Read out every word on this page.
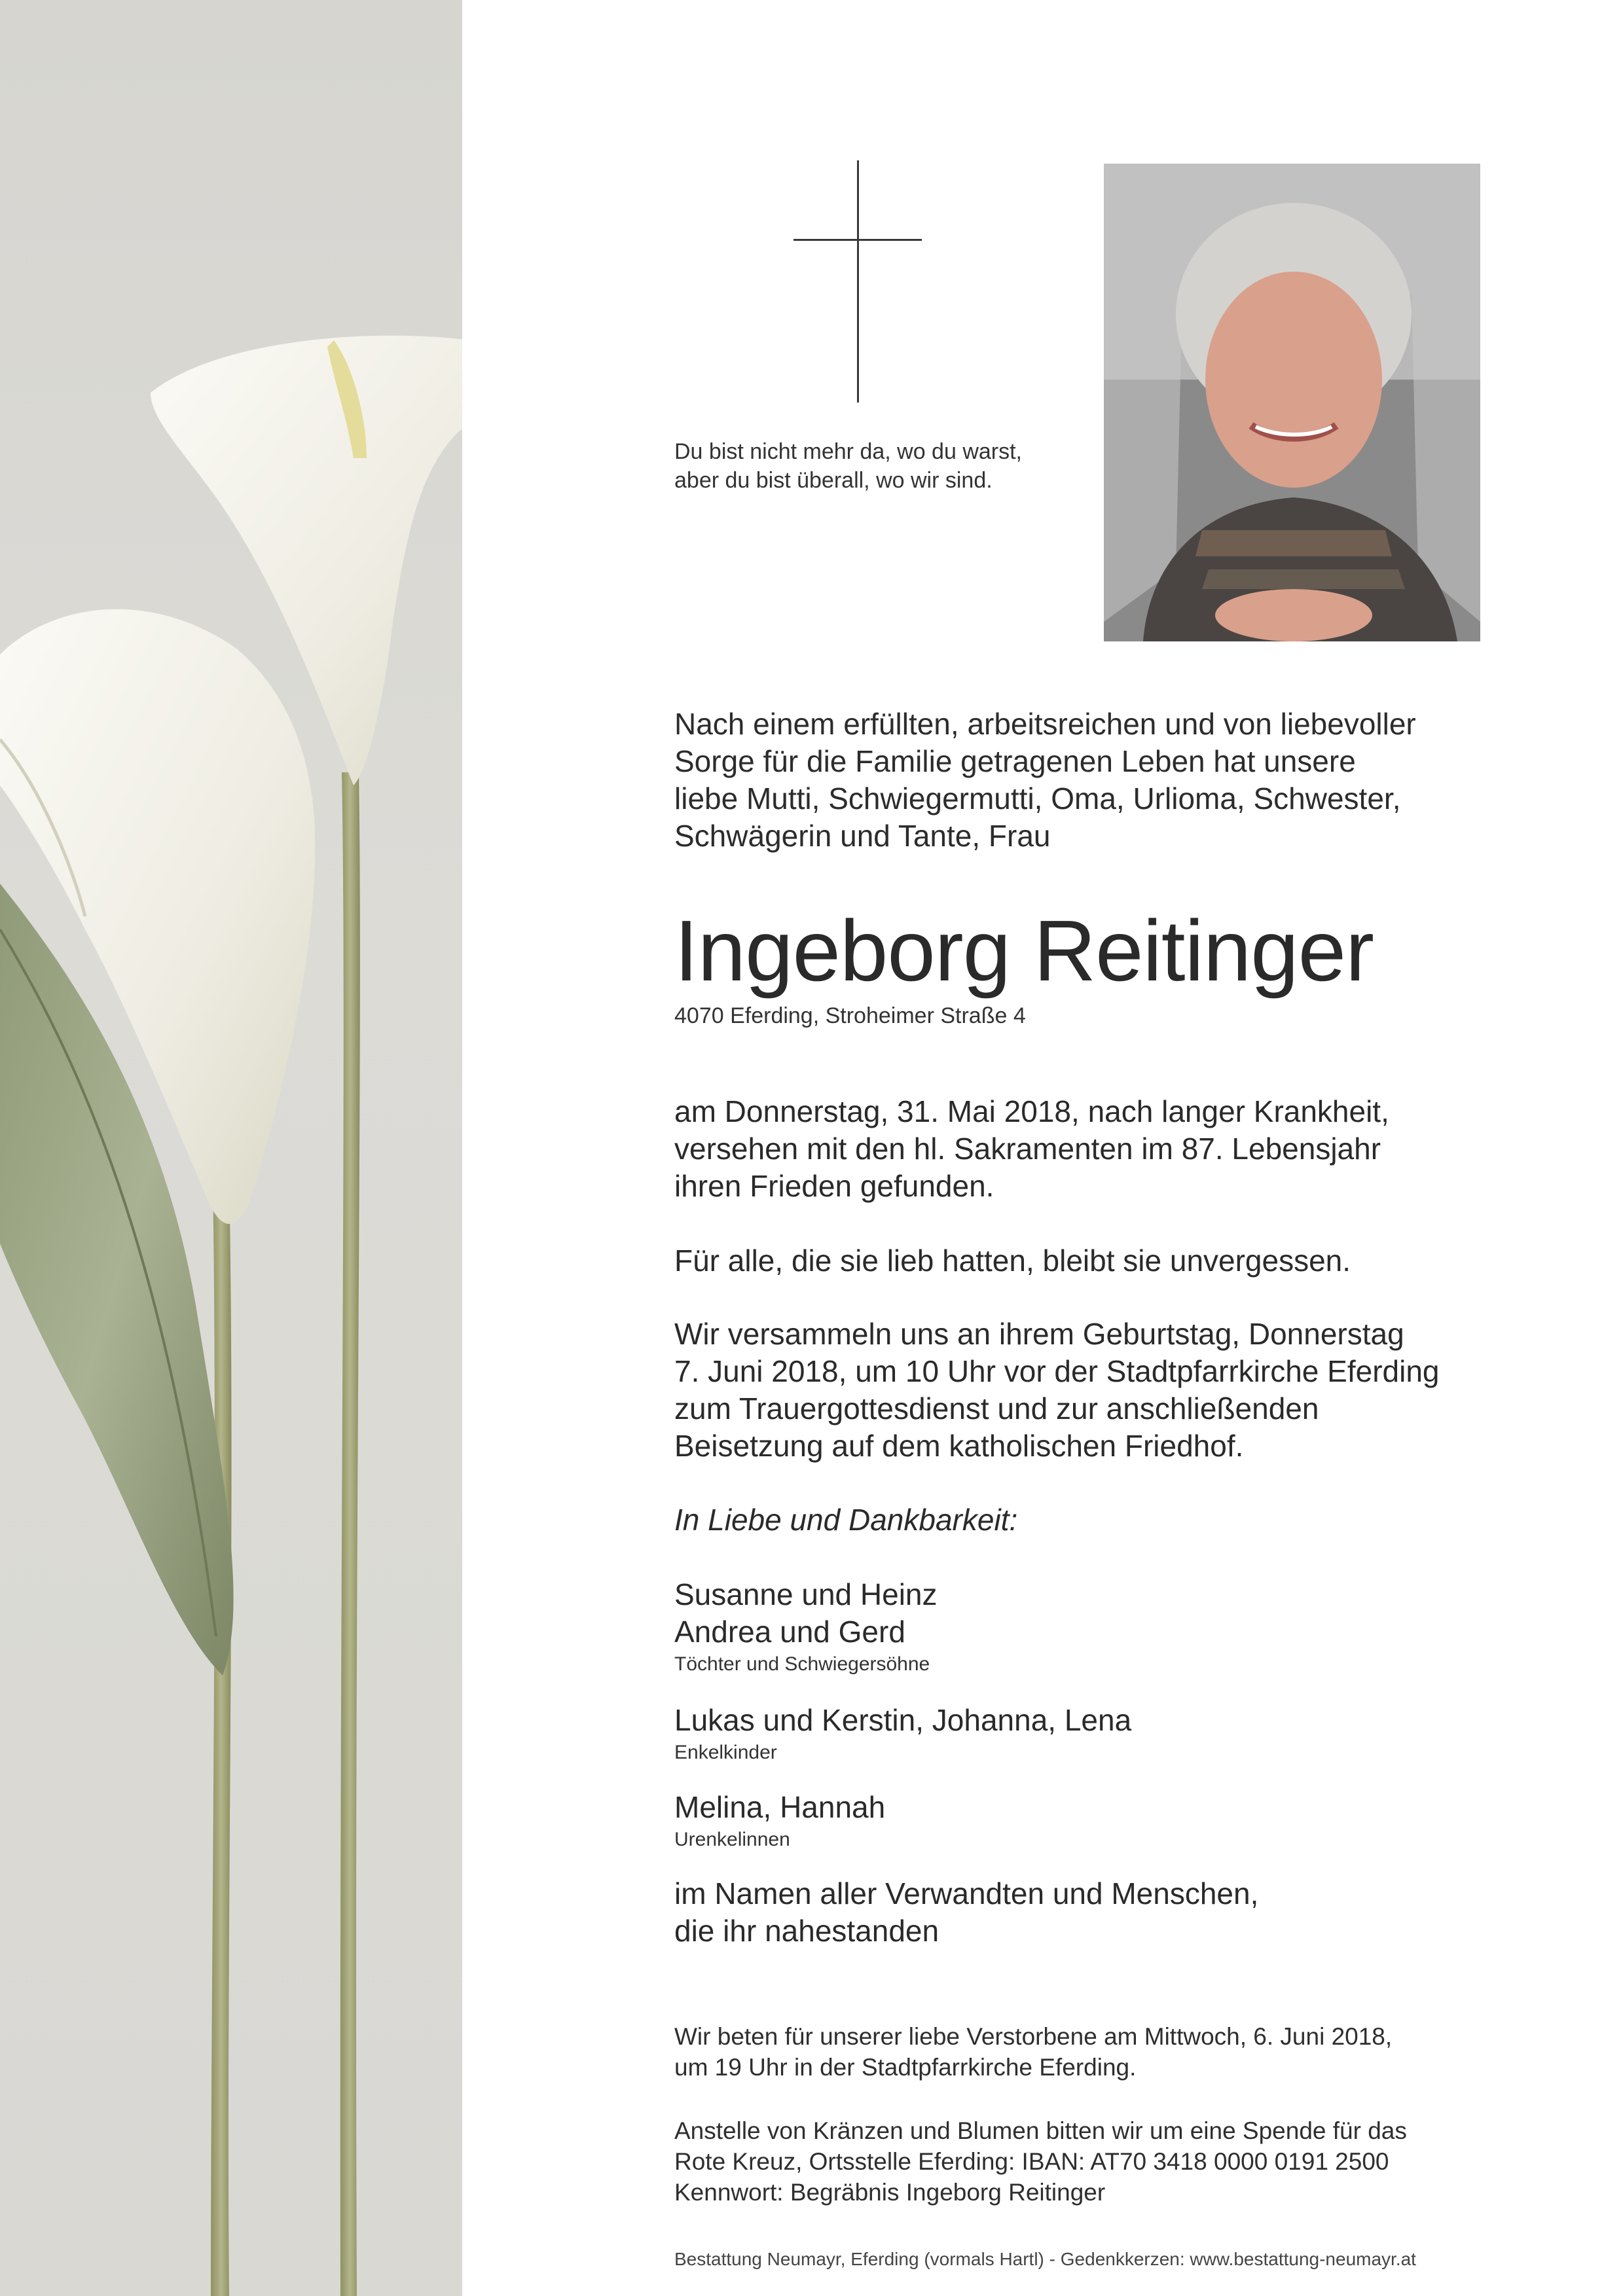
Du bist nicht mehr da, wo du warst,
aber du bist überall, wo wir sind.
Nach einem erfüllten, arbeitsreichen und von liebevoller
Sorge für die Familie getragenen Leben hat unsere
liebe Mutti, Schwiegermutti, Oma, Urlioma, Schwester,
Schwägerin und Tante, Frau
Ingeborg Reitinger
4070 Eferding, Stroheimer Straße 4
am Donnerstag, 31. Mai 2018, nach langer Krankheit,
versehen mit den hl. Sakramenten im 87. Lebensjahr
ihren Frieden gefunden.
Für alle, die sie lieb hatten, bleibt sie unvergessen.
Wir versammeln uns an ihrem Geburtstag, Donnerstag
7. Juni 2018, um 10 Uhr vor der Stadtpfarrkirche Eferding
zum Trauergottesdienst und zur anschließenden
Beisetzung auf dem katholischen Friedhof.
In Liebe und Dankbarkeit:
Susanne und Heinz
Andrea und Gerd
Töchter und Schwiegersöhne
Lukas und Kerstin, Johanna, Lena
Enkelkinder
Melina, Hannah
Urenkelinnen
im Namen aller Verwandten und Menschen,
die ihr nahestanden
Wir beten für unserer liebe Verstorbene am Mittwoch, 6. Juni 2018,
um 19 Uhr in der Stadtpfarrkirche Eferding.
Anstelle von Kränzen und Blumen bitten wir um eine Spende für das
Rote Kreuz, Ortsstelle Eferding: IBAN: AT70 3418 0000 0191 2500
Kennwort: Begräbnis Ingeborg Reitinger
Bestattung Neumayr, Eferding (vormals Hartl) - Gedenkkerzen: www.bestattung-neumayr.at
